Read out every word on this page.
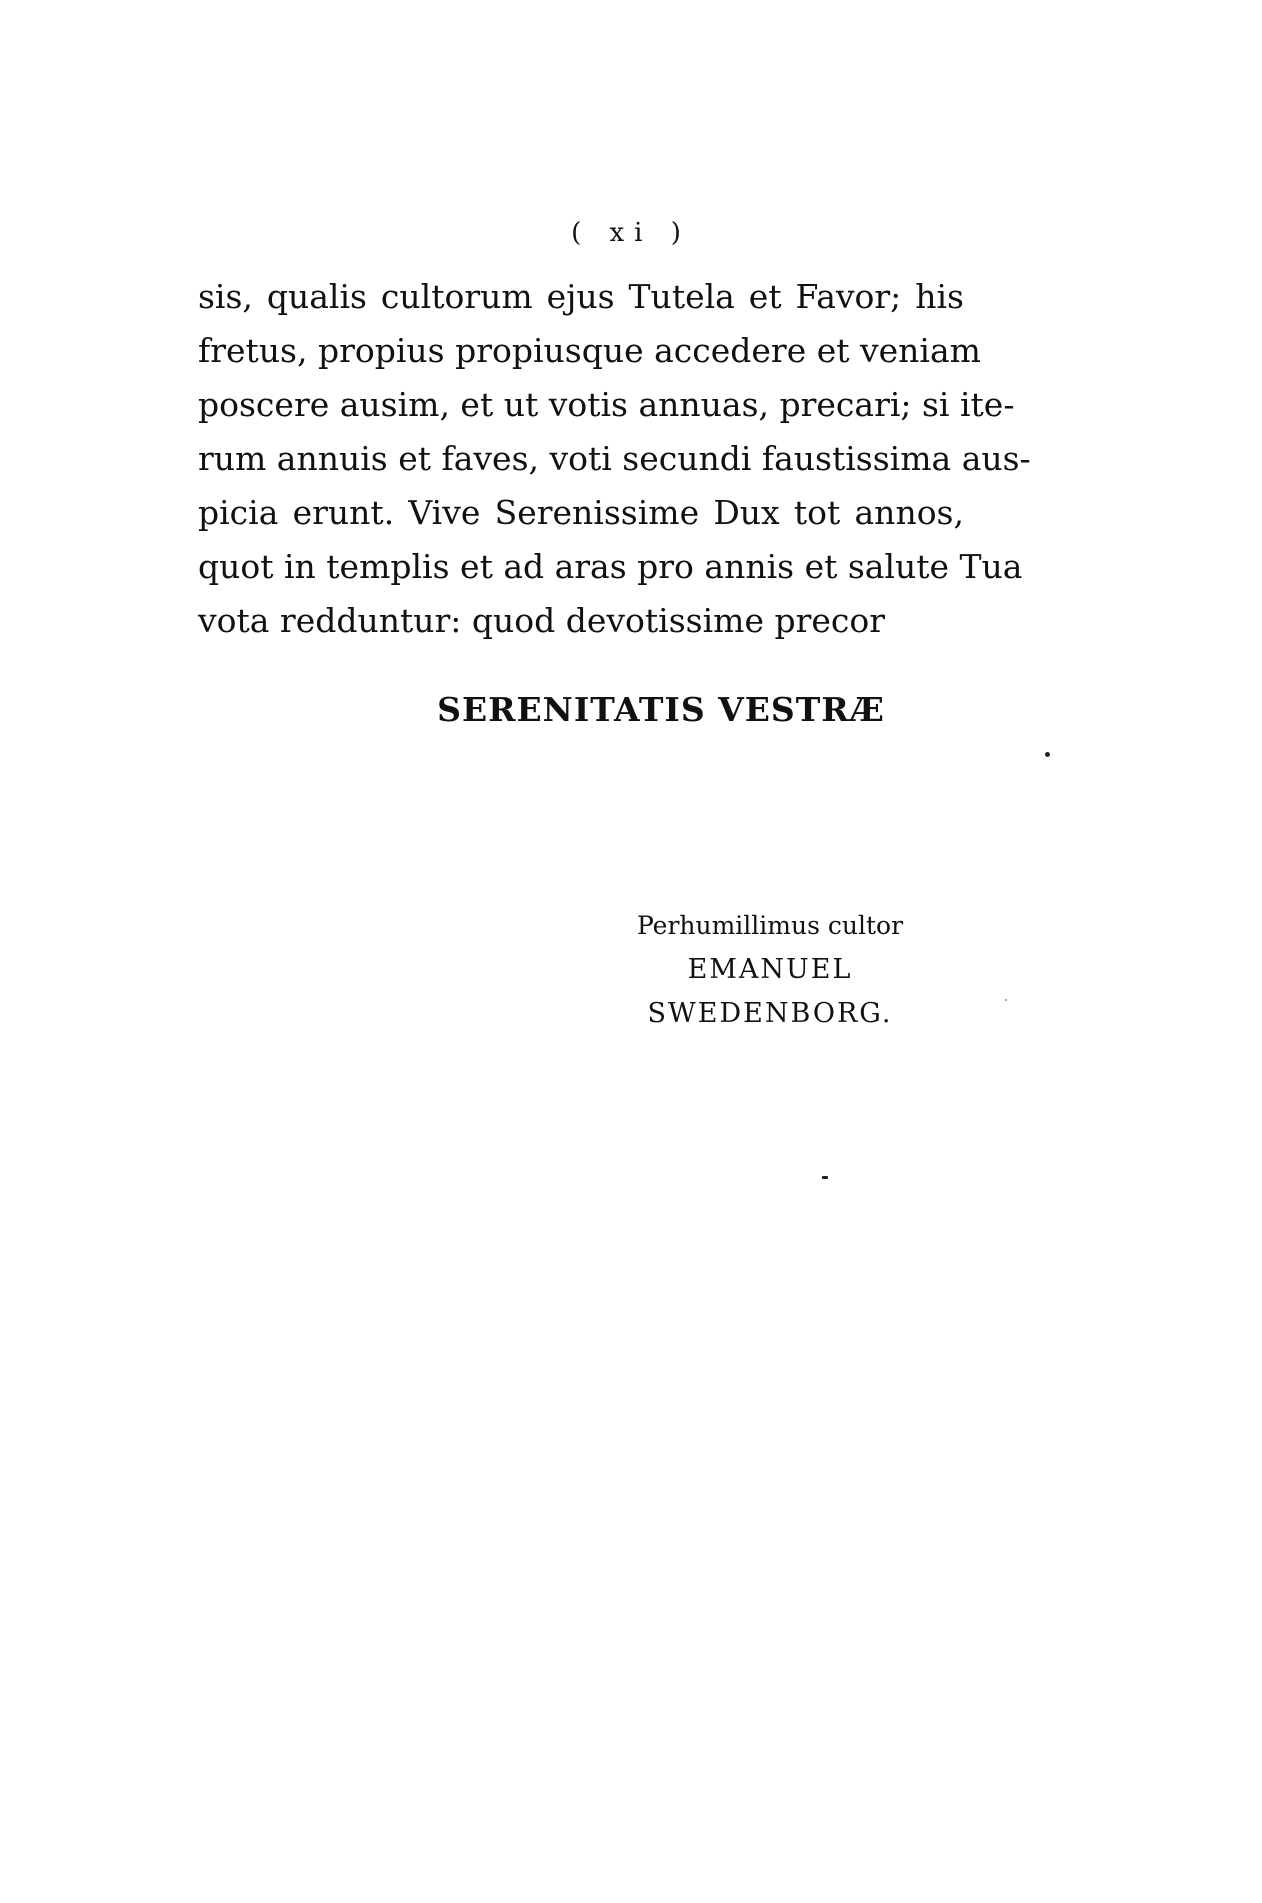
( xi )
sis, qualis cultorum ejus Tutela et Favor; his
fretus, propius propiusque accedere et veniam
poscere ausim, et ut votis annuas, precari; si ite-
rum annuis et faves, voti secundi faustissima aus-
picia erunt. Vive Serenissime Dux tot annos,
quot in templis et ad aras pro annis et salute Tua
vota redduntur: quod devotissime precor
SERENITATIS VESTRÆ
Perhumillimus cultor
EMANUEL SWEDENBORG.
